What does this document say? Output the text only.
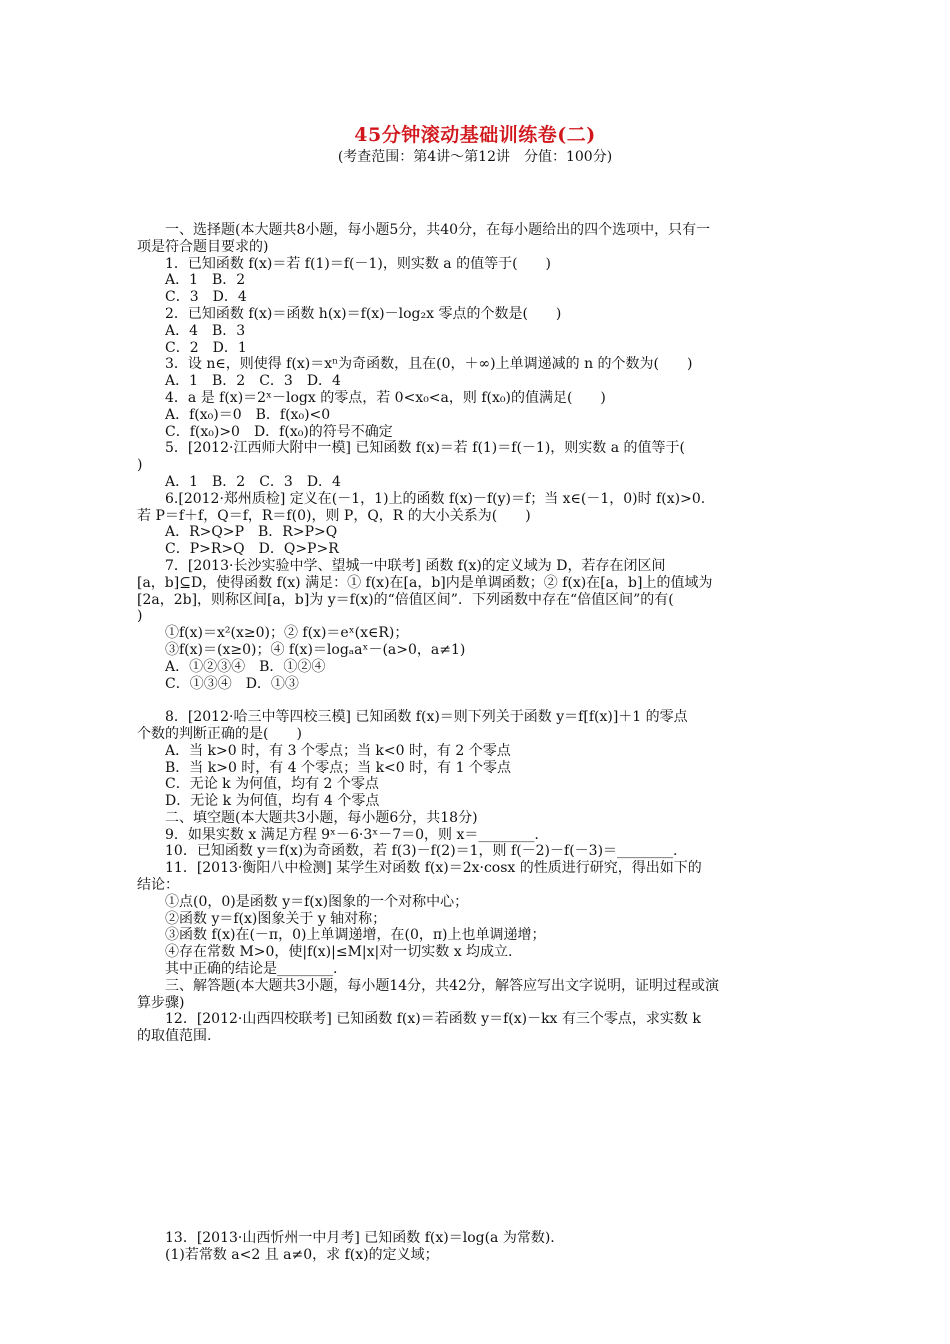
45分钟滚动基础训练卷(二)
(考查范围：第4讲～第12讲　分值：100分)
　　一、选择题(本大题共8小题，每小题5分，共40分，在每小题给出的四个选项中，只有一
项是符合题目要求的)
　　1．已知函数 f(x)＝若 f(1)＝f(－1)，则实数 a 的值等于(　　)
　　A．1　B．2
　　C．3　D．4
　　2．已知函数 f(x)＝函数 h(x)＝f(x)－log₂x 零点的个数是(　　)
　　A．4　B．3
　　C．2　D．1
　　3．设 n∈，则使得 f(x)＝xⁿ为奇函数，且在(0，＋∞)上单调递减的 n 的个数为(　　)
　　A．1　B．2　C．3　D．4
　　4．a 是 f(x)＝2ˣ－logx 的零点，若 0<x₀<a，则 f(x₀)的值满足(　　)
　　A．f(x₀)＝0　B．f(x₀)<0
　　C．f(x₀)>0　D．f(x₀)的符号不确定
　　5．[2012·江西师大附中一模] 已知函数 f(x)＝若 f(1)＝f(－1)，则实数 a 的值等于(
)
　　A．1　B．2　C．3　D．4
　　6.[2012·郑州质检] 定义在(－1，1)上的函数 f(x)－f(y)＝f；当 x∈(－1，0)时 f(x)>0.
若 P＝f＋f，Q＝f，R＝f(0)，则 P，Q，R 的大小关系为(　　)
　　A．R>Q>P　B．R>P>Q
　　C．P>R>Q　D．Q>P>R
　　7．[2013·长沙实验中学、望城一中联考] 函数 f(x)的定义域为 D，若存在闭区间
[a，b]⊆D，使得函数 f(x) 满足：① f(x)在[a，b]内是单调函数；② f(x)在[a，b]上的值域为
[2a，2b]，则称区间[a，b]为 y＝f(x)的“倍值区间”．下列函数中存在“倍值区间”的有(
)
　　①f(x)＝x²(x≥0)；② f(x)＝eˣ(x∈R)；
　　③f(x)＝(x≥0)；④ f(x)＝logₐaˣ－(a>0，a≠1)
　　A．①②③④　B．①②④
　　C．①③④　D．①③
　　8．[2012·哈三中等四校三模] 已知函数 f(x)＝则下列关于函数 y＝f[f(x)]＋1 的零点
个数的判断正确的是(　　)
　　A．当 k>0 时，有 3 个零点；当 k<0 时，有 2 个零点
　　B．当 k>0 时，有 4 个零点；当 k<0 时，有 1 个零点
　　C．无论 k 为何值，均有 2 个零点
　　D．无论 k 为何值，均有 4 个零点
　　二、填空题(本大题共3小题，每小题6分，共18分)
　　9．如果实数 x 满足方程 9ˣ－6·3ˣ－7＝0，则 x＝________.
　　10．已知函数 y＝f(x)为奇函数，若 f(3)－f(2)＝1，则 f(－2)－f(－3)＝________.
　　11．[2013·衡阳八中检测] 某学生对函数 f(x)＝2x·cosx 的性质进行研究，得出如下的
结论：
　　①点(0，0)是函数 y＝f(x)图象的一个对称中心；
　　②函数 y＝f(x)图象关于 y 轴对称；
　　③函数 f(x)在(－π，0)上单调递增，在(0，π)上也单调递增；
　　④存在常数 M>0，使|f(x)|≤M|x|对一切实数 x 均成立.
　　其中正确的结论是________.
　　三、解答题(本大题共3小题，每小题14分，共42分，解答应写出文字说明，证明过程或演
算步骤)
　　12．[2012·山西四校联考] 已知函数 f(x)＝若函数 y＝f(x)－kx 有三个零点，求实数 k
的取值范围.
　　13．[2013·山西忻州一中月考] 已知函数 f(x)＝log(a 为常数).
　　(1)若常数 a<2 且 a≠0，求 f(x)的定义域；
